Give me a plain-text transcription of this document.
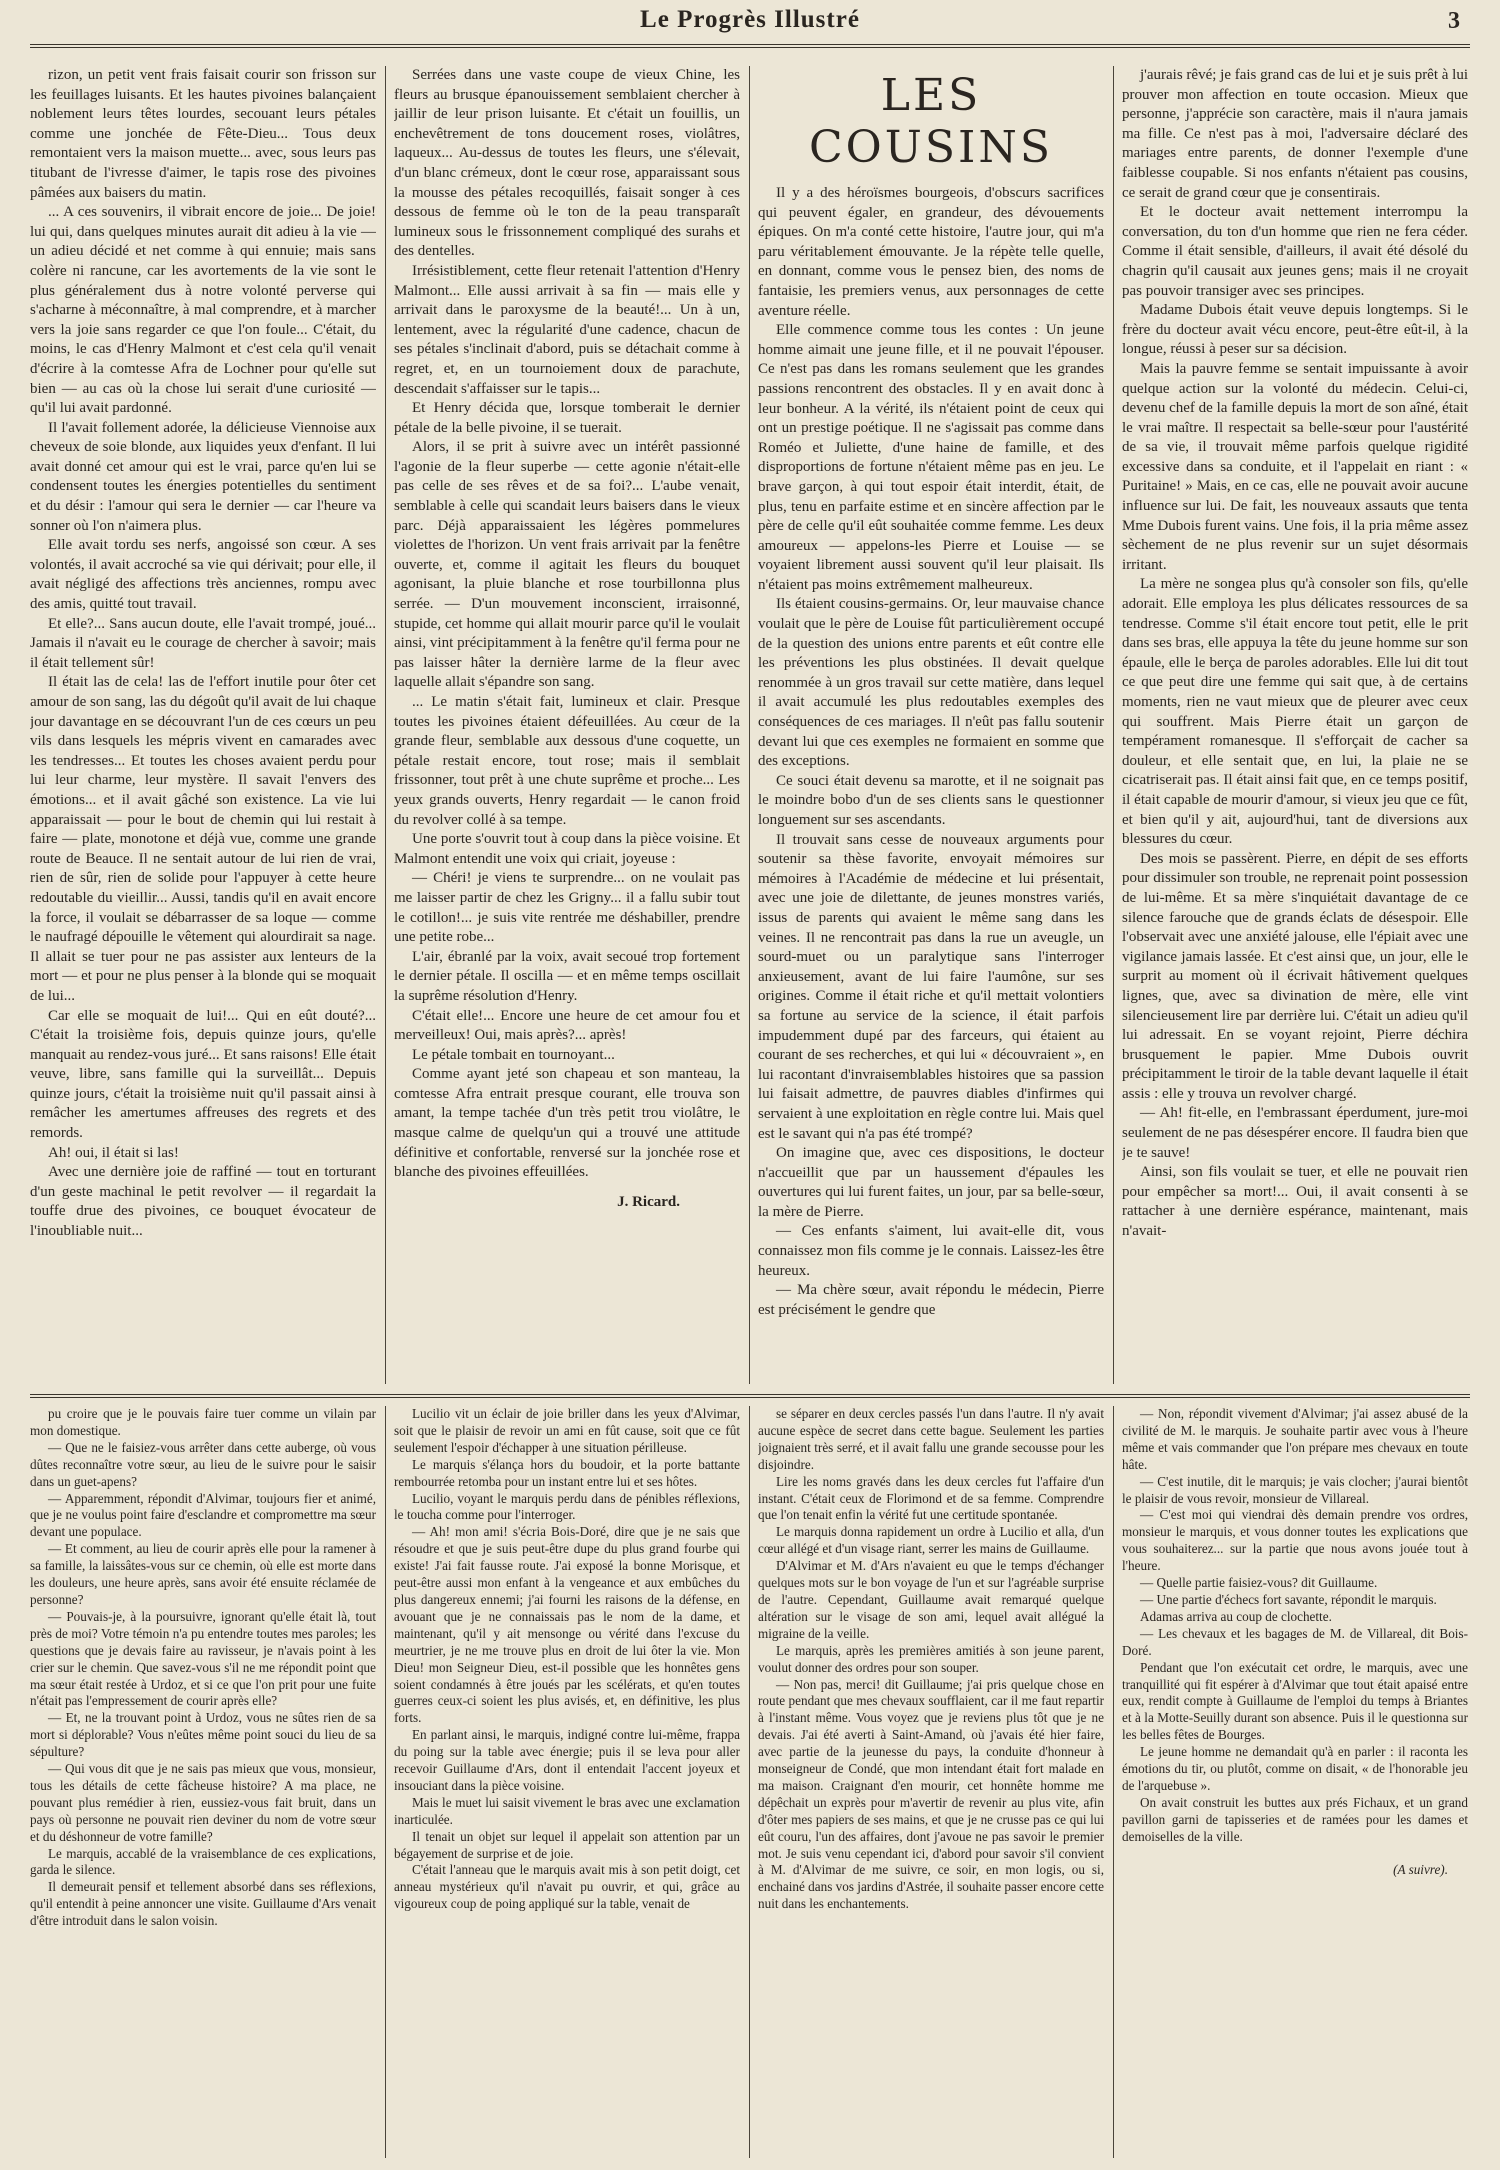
Le Progrès Illustré	3

rizon, un petit vent frais faisait courir son frisson sur les feuillages luisants. Et les hautes pivoines balançaient noblement leurs têtes lourdes, secouant leurs pétales comme une jonchée de Fête-Dieu... Tous deux remontaient vers la maison muette... avec, sous leurs pas titubant de l'ivresse d'aimer, le tapis rose des pivoines pâmées aux baisers du matin.

... A ces souvenirs, il vibrait encore de joie... De joie! lui qui, dans quelques minutes aurait dit adieu à la vie — un adieu décidé et net comme à qui ennuie; mais sans colère ni rancune, car les avortements de la vie sont le plus généralement dus à notre volonté perverse qui s'acharne à méconnaître, à mal comprendre, et à marcher vers la joie sans regarder ce que l'on foule... C'était, du moins, le cas d'Henry Malmont et c'est cela qu'il venait d'écrire à la comtesse Afra de Lochner pour qu'elle sut bien — au cas où la chose lui serait d'une curiosité — qu'il lui avait pardonné.

Il l'avait follement adorée, la délicieuse Viennoise aux cheveux de soie blonde, aux liquides yeux d'enfant. Il lui avait donné cet amour qui est le vrai, parce qu'en lui se condensent toutes les énergies potentielles du sentiment et du désir : l'amour qui sera le dernier — car l'heure va sonner où l'on n'aimera plus.

Elle avait tordu ses nerfs, angoissé son cœur. A ses volontés, il avait accroché sa vie qui dérivait; pour elle, il avait négligé des affections très anciennes, rompu avec des amis, quitté tout travail.

Et elle?... Sans aucun doute, elle l'avait trompé, joué... Jamais il n'avait eu le courage de chercher à savoir; mais il était tellement sûr!

Il était las de cela! las de l'effort inutile pour ôter cet amour de son sang, las du dégoût qu'il avait de lui chaque jour davantage en se découvrant l'un de ces cœurs un peu vils dans lesquels les mépris vivent en camarades avec les tendresses... Et toutes les choses avaient perdu pour lui leur charme, leur mystère. Il savait l'envers des émotions... et il avait gâché son existence. La vie lui apparaissait — pour le bout de chemin qui lui restait à faire — plate, monotone et déjà vue, comme une grande route de Beauce. Il ne sentait autour de lui rien de vrai, rien de sûr, rien de solide pour l'appuyer à cette heure redoutable du vieillir... Aussi, tandis qu'il en avait encore la force, il voulait se débarrasser de sa loque — comme le naufragé dépouille le vêtement qui alourdirait sa nage. Il allait se tuer pour ne pas assister aux lenteurs de la mort — et pour ne plus penser à la blonde qui se moquait de lui...

Car elle se moquait de lui!... Qui en eût douté?... C'était la troisième fois, depuis quinze jours, qu'elle manquait au rendez-vous juré... Et sans raisons! Elle était veuve, libre, sans famille qui la surveillât... Depuis quinze jours, c'était la troisième nuit qu'il passait ainsi à remâcher les amertumes affreuses des regrets et des remords.

Ah! oui, il était si las!

Avec une dernière joie de raffiné — tout en torturant d'un geste machinal le petit revolver — il regardait la touffe drue des pivoines, ce bouquet évocateur de l'inoubliable nuit...

Serrées dans une vaste coupe de vieux Chine, les fleurs au brusque épanouissement semblaient chercher à jaillir de leur prison luisante. Et c'était un fouillis, un enchevêtrement de tons doucement roses, violâtres, laqueux... Au-dessus de toutes les fleurs, une s'élevait, d'un blanc crémeux, dont le cœur rose, apparaissant sous la mousse des pétales recoquillés, faisait songer à ces dessous de femme où le ton de la peau transparaît lumineux sous le frissonnement compliqué des surahs et des dentelles.

Irrésistiblement, cette fleur retenait l'attention d'Henry Malmont... Elle aussi arrivait à sa fin — mais elle y arrivait dans le paroxysme de la beauté!... Un à un, lentement, avec la régularité d'une cadence, chacun de ses pétales s'inclinait d'abord, puis se détachait comme à regret, et, en un tournoiement doux de parachute, descendait s'affaisser sur le tapis...

Et Henry décida que, lorsque tomberait le dernier pétale de la belle pivoine, il se tuerait.

Alors, il se prit à suivre avec un intérêt passionné l'agonie de la fleur superbe — cette agonie n'était-elle pas celle de ses rêves et de sa foi?... L'aube venait, semblable à celle qui scandait leurs baisers dans le vieux parc. Déjà apparaissaient les légères pommelures violettes de l'horizon. Un vent frais arrivait par la fenêtre ouverte, et, comme il agitait les fleurs du bouquet agonisant, la pluie blanche et rose tourbillonna plus serrée. — D'un mouvement inconscient, irraisonné, stupide, cet homme qui allait mourir parce qu'il le voulait ainsi, vint précipitamment à la fenêtre qu'il ferma pour ne pas laisser hâter la dernière larme de la fleur avec laquelle allait s'épandre son sang.

... Le matin s'était fait, lumineux et clair. Presque toutes les pivoines étaient défeuillées. Au cœur de la grande fleur, semblable aux dessous d'une coquette, un pétale restait encore, tout rose; mais il semblait frissonner, tout prêt à une chute suprême et proche... Les yeux grands ouverts, Henry regardait — le canon froid du revolver collé à sa tempe.

Une porte s'ouvrit tout à coup dans la pièce voisine. Et Malmont entendit une voix qui criait, joyeuse :

— Chéri! je viens te surprendre... on ne voulait pas me laisser partir de chez les Grigny... il a fallu subir tout le cotillon!... je suis vite rentrée me déshabiller, prendre une petite robe...

L'air, ébranlé par la voix, avait secoué trop fortement le dernier pétale. Il oscilla — et en même temps oscillait la suprême résolution d'Henry.

C'était elle!... Encore une heure de cet amour fou et merveilleux! Oui, mais après?... après!

Le pétale tombait en tournoyant...

Comme ayant jeté son chapeau et son manteau, la comtesse Afra entrait presque courant, elle trouva son amant, la tempe tachée d'un très petit trou violâtre, le masque calme de quelqu'un qui a trouvé une attitude définitive et confortable, renversé sur la jonchée rose et blanche des pivoines effeuillées.

J. Ricard.
LES COUSINS

Il y a des héroïsmes bourgeois, d'obscurs sacrifices qui peuvent égaler, en grandeur, des dévouements épiques. On m'a conté cette histoire, l'autre jour, qui m'a paru véritablement émouvante. Je la répète telle quelle, en donnant, comme vous le pensez bien, des noms de fantaisie, les premiers venus, aux personnages de cette aventure réelle.

Elle commence comme tous les contes : Un jeune homme aimait une jeune fille, et il ne pouvait l'épouser. Ce n'est pas dans les romans seulement que les grandes passions rencontrent des obstacles. Il y en avait donc à leur bonheur. A la vérité, ils n'étaient point de ceux qui ont un prestige poétique. Il ne s'agissait pas comme dans Roméo et Juliette, d'une haine de famille, et des disproportions de fortune n'étaient même pas en jeu. Le brave garçon, à qui tout espoir était interdit, était, de plus, tenu en parfaite estime et en sincère affection par le père de celle qu'il eût souhaitée comme femme. Les deux amoureux — appelons-les Pierre et Louise — se voyaient librement aussi souvent qu'il leur plaisait. Ils n'étaient pas moins extrêmement malheureux.

Ils étaient cousins-germains. Or, leur mauvaise chance voulait que le père de Louise fût particulièrement occupé de la question des unions entre parents et eût contre elle les préventions les plus obstinées. Il devait quelque renommée à un gros travail sur cette matière, dans lequel il avait accumulé les plus redoutables exemples des conséquences de ces mariages. Il n'eût pas fallu soutenir devant lui que ces exemples ne formaient en somme que des exceptions.

Ce souci était devenu sa marotte, et il ne soignait pas le moindre bobo d'un de ses clients sans le questionner longuement sur ses ascendants.

Il trouvait sans cesse de nouveaux arguments pour soutenir sa thèse favorite, envoyait mémoires sur mémoires à l'Académie de médecine et lui présentait, avec une joie de dilettante, de jeunes monstres variés, issus de parents qui avaient le même sang dans les veines. Il ne rencontrait pas dans la rue un aveugle, un sourd-muet ou un paralytique sans l'interroger anxieusement, avant de lui faire l'aumône, sur ses origines. Comme il était riche et qu'il mettait volontiers sa fortune au service de la science, il était parfois impudemment dupé par des farceurs, qui étaient au courant de ses recherches, et qui lui « découvraient », en lui racontant d'invraisemblables histoires que sa passion lui faisait admettre, de pauvres diables d'infirmes qui servaient à une exploitation en règle contre lui. Mais quel est le savant qui n'a pas été trompé?

On imagine que, avec ces dispositions, le docteur n'accueillit que par un haussement d'épaules les ouvertures qui lui furent faites, un jour, par sa belle-sœur, la mère de Pierre.

— Ces enfants s'aiment, lui avait-elle dit, vous connaissez mon fils comme je le connais. Laissez-les être heureux.

— Ma chère sœur, avait répondu le médecin, Pierre est précisément le gendre que

j'aurais rêvé; je fais grand cas de lui et je suis prêt à lui prouver mon affection en toute occasion. Mieux que personne, j'apprécie son caractère, mais il n'aura jamais ma fille. Ce n'est pas à moi, l'adversaire déclaré des mariages entre parents, de donner l'exemple d'une faiblesse coupable. Si nos enfants n'étaient pas cousins, ce serait de grand cœur que je consentirais.

Et le docteur avait nettement interrompu la conversation, du ton d'un homme que rien ne fera céder. Comme il était sensible, d'ailleurs, il avait été désolé du chagrin qu'il causait aux jeunes gens; mais il ne croyait pas pouvoir transiger avec ses principes.

Madame Dubois était veuve depuis longtemps. Si le frère du docteur avait vécu encore, peut-être eût-il, à la longue, réussi à peser sur sa décision.

Mais la pauvre femme se sentait impuissante à avoir quelque action sur la volonté du médecin. Celui-ci, devenu chef de la famille depuis la mort de son aîné, était le vrai maître. Il respectait sa belle-sœur pour l'austérité de sa vie, il trouvait même parfois quelque rigidité excessive dans sa conduite, et il l'appelait en riant : « Puritaine! » Mais, en ce cas, elle ne pouvait avoir aucune influence sur lui. De fait, les nouveaux assauts que tenta Mme Dubois furent vains. Une fois, il la pria même assez sèchement de ne plus revenir sur un sujet désormais irritant.

La mère ne songea plus qu'à consoler son fils, qu'elle adorait. Elle employa les plus délicates ressources de sa tendresse. Comme s'il était encore tout petit, elle le prit dans ses bras, elle appuya la tête du jeune homme sur son épaule, elle le berça de paroles adorables. Elle lui dit tout ce que peut dire une femme qui sait que, à de certains moments, rien ne vaut mieux que de pleurer avec ceux qui souffrent. Mais Pierre était un garçon de tempérament romanesque. Il s'efforçait de cacher sa douleur, et elle sentait que, en lui, la plaie ne se cicatriserait pas. Il était ainsi fait que, en ce temps positif, il était capable de mourir d'amour, si vieux jeu que ce fût, et bien qu'il y ait, aujourd'hui, tant de diversions aux blessures du cœur.

Des mois se passèrent. Pierre, en dépit de ses efforts pour dissimuler son trouble, ne reprenait point possession de lui-même. Et sa mère s'inquiétait davantage de ce silence farouche que de grands éclats de désespoir. Elle l'observait avec une anxiété jalouse, elle l'épiait avec une vigilance jamais lassée. Et c'est ainsi que, un jour, elle le surprit au moment où il écrivait hâtivement quelques lignes, que, avec sa divination de mère, elle vint silencieusement lire par derrière lui. C'était un adieu qu'il lui adressait. En se voyant rejoint, Pierre déchira brusquement le papier. Mme Dubois ouvrit précipitamment le tiroir de la table devant laquelle il était assis : elle y trouva un revolver chargé.

— Ah! fit-elle, en l'embrassant éperdument, jure-moi seulement de ne pas désespérer encore. Il faudra bien que je te sauve!

Ainsi, son fils voulait se tuer, et elle ne pouvait rien pour empêcher sa mort!... Oui, il avait consenti à se rattacher à une dernière espérance, maintenant, mais n'avait-

pu croire que je le pouvais faire tuer comme un vilain par mon domestique.

— Que ne le faisiez-vous arrêter dans cette auberge, où vous dûtes reconnaître votre sœur, au lieu de le suivre pour le saisir dans un guet-apens?

— Apparemment, répondit d'Alvimar, toujours fier et animé, que je ne voulus point faire d'esclandre et compromettre ma sœur devant une populace.

— Et comment, au lieu de courir après elle pour la ramener à sa famille, la laissâtes-vous sur ce chemin, où elle est morte dans les douleurs, une heure après, sans avoir été ensuite réclamée de personne?

— Pouvais-je, à la poursuivre, ignorant qu'elle était là, tout près de moi? Votre témoin n'a pu entendre toutes mes paroles; les questions que je devais faire au ravisseur, je n'avais point à les crier sur le chemin. Que savez-vous s'il ne me répondit point que ma sœur était restée à Urdoz, et si ce que l'on prit pour une fuite n'était pas l'empressement de courir après elle?

— Et, ne la trouvant point à Urdoz, vous ne sûtes rien de sa mort si déplorable? Vous n'eûtes même point souci du lieu de sa sépulture?

— Qui vous dit que je ne sais pas mieux que vous, monsieur, tous les détails de cette fâcheuse histoire? A ma place, ne pouvant plus remédier à rien, eussiez-vous fait bruit, dans un pays où personne ne pouvait rien deviner du nom de votre sœur et du déshonneur de votre famille?

Le marquis, accablé de la vraisemblance de ces explications, garda le silence.

Il demeurait pensif et tellement absorbé dans ses réflexions, qu'il entendit à peine annoncer une visite. Guillaume d'Ars venait d'être introduit dans le salon voisin.

Lucilio vit un éclair de joie briller dans les yeux d'Alvimar, soit que le plaisir de revoir un ami en fût cause, soit que ce fût seulement l'espoir d'échapper à une situation périlleuse.

Le marquis s'élança hors du boudoir, et la porte battante rembourrée retomba pour un instant entre lui et ses hôtes.

Lucilio, voyant le marquis perdu dans de pénibles réflexions, le toucha comme pour l'interroger.

— Ah! mon ami! s'écria Bois-Doré, dire que je ne sais que résoudre et que je suis peut-être dupe du plus grand fourbe qui existe! J'ai fait fausse route. J'ai exposé la bonne Morisque, et peut-être aussi mon enfant à la vengeance et aux embûches du plus dangereux ennemi; j'ai fourni les raisons de la défense, en avouant que je ne connaissais pas le nom de la dame, et maintenant, qu'il y ait mensonge ou vérité dans l'excuse du meurtrier, je ne me trouve plus en droit de lui ôter la vie. Mon Dieu! mon Seigneur Dieu, est-il possible que les honnêtes gens soient condamnés à être joués par les scélérats, et qu'en toutes guerres ceux-ci soient les plus avisés, et, en définitive, les plus forts.

En parlant ainsi, le marquis, indigné contre lui-même, frappa du poing sur la table avec énergie; puis il se leva pour aller recevoir Guillaume d'Ars, dont il entendait l'accent joyeux et insouciant dans la pièce voisine.

Mais le muet lui saisit vivement le bras avec une exclamation inarticulée.

Il tenait un objet sur lequel il appelait son attention par un bégayement de surprise et de joie.

C'était l'anneau que le marquis avait mis à son petit doigt, cet anneau mystérieux qu'il n'avait pu ouvrir, et qui, grâce au vigoureux coup de poing appliqué sur la table, venait de

se séparer en deux cercles passés l'un dans l'autre. Il n'y avait aucune espèce de secret dans cette bague. Seulement les parties joignaient très serré, et il avait fallu une grande secousse pour les disjoindre.

Lire les noms gravés dans les deux cercles fut l'affaire d'un instant. C'était ceux de Florimond et de sa femme. Comprendre que l'on tenait enfin la vérité fut une certitude spontanée.

Le marquis donna rapidement un ordre à Lucilio et alla, d'un cœur allégé et d'un visage riant, serrer les mains de Guillaume.

D'Alvimar et M. d'Ars n'avaient eu que le temps d'échanger quelques mots sur le bon voyage de l'un et sur l'agréable surprise de l'autre. Cependant, Guillaume avait remarqué quelque altération sur le visage de son ami, lequel avait allégué la migraine de la veille.

Le marquis, après les premières amitiés à son jeune parent, voulut donner des ordres pour son souper.

— Non pas, merci! dit Guillaume; j'ai pris quelque chose en route pendant que mes chevaux soufflaient, car il me faut repartir à l'instant même. Vous voyez que je reviens plus tôt que je ne devais. J'ai été averti à Saint-Amand, où j'avais été hier faire, avec partie de la jeunesse du pays, la conduite d'honneur à monseigneur de Condé, que mon intendant était fort malade en ma maison. Craignant d'en mourir, cet honnête homme me dépêchait un exprès pour m'avertir de revenir au plus vite, afin d'ôter mes papiers de ses mains, et que je ne crusse pas ce qui lui eût couru, l'un des affaires, dont j'avoue ne pas savoir le premier mot. Je suis venu cependant ici, d'abord pour savoir s'il convient à M. d'Alvimar de me suivre, ce soir, en mon logis, ou si, enchainé dans vos jardins d'Astrée, il souhaite passer encore cette nuit dans les enchantements.

— Non, répondit vivement d'Alvimar; j'ai assez abusé de la civilité de M. le marquis. Je souhaite partir avec vous à l'heure même et vais commander que l'on prépare mes chevaux en toute hâte.

— C'est inutile, dit le marquis; je vais clocher; j'aurai bientôt le plaisir de vous revoir, monsieur de Villareal.

— C'est moi qui viendrai dès demain prendre vos ordres, monsieur le marquis, et vous donner toutes les explications que vous souhaiterez... sur la partie que nous avons jouée tout à l'heure.

— Quelle partie faisiez-vous? dit Guillaume.

— Une partie d'échecs fort savante, répondit le marquis.

Adamas arriva au coup de clochette.

— Les chevaux et les bagages de M. de Villareal, dit Bois-Doré.

Pendant que l'on exécutait cet ordre, le marquis, avec une tranquillité qui fit espérer à d'Alvimar que tout était apaisé entre eux, rendit compte à Guillaume de l'emploi du temps à Briantes et à la Motte-Seuilly durant son absence. Puis il le questionna sur les belles fêtes de Bourges.

Le jeune homme ne demandait qu'à en parler : il raconta les émotions du tir, ou plutôt, comme on disait, « de l'honorable jeu de l'arquebuse ».

On avait construit les buttes aux prés Fichaux, et un grand pavillon garni de tapisseries et de ramées pour les dames et demoiselles de la ville.

(A suivre).
